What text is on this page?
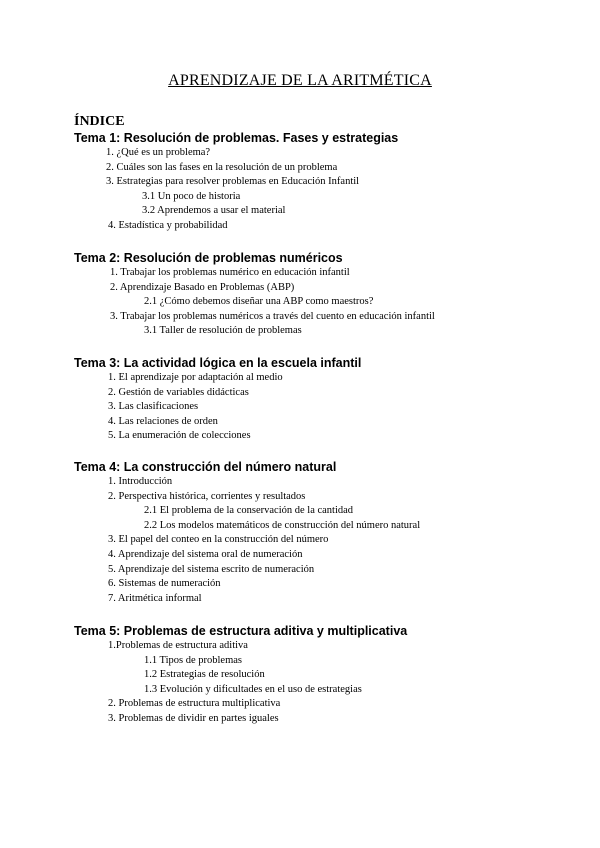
APRENDIZAJE DE LA ARITMÉTICA
ÍNDICE
Tema 1: Resolución de problemas. Fases y estrategias
1. ¿Qué es un problema?
2. Cuáles son las fases en la resolución de un problema
3. Estrategias para resolver problemas en Educación Infantil
3.1 Un poco de historia
3.2 Aprendemos a usar el material
4. Estadística y probabilidad
Tema 2: Resolución de problemas numéricos
1. Trabajar los problemas numérico en educación infantil
2. Aprendizaje Basado en Problemas (ABP)
2.1 ¿Cómo debemos diseñar una ABP como maestros?
3. Trabajar los problemas numéricos a través del cuento en educación infantil
3.1 Taller de resolución de problemas
Tema 3: La actividad lógica en la escuela infantil
1. El aprendizaje por adaptación al medio
2. Gestión de variables didácticas
3. Las clasificaciones
4. Las relaciones de orden
5. La enumeración de colecciones
Tema 4: La construcción del número natural
1. Introducción
2. Perspectiva histórica, corrientes y resultados
2.1 El problema de la conservación de la cantidad
2.2 Los modelos matemáticos de construcción del número natural
3. El papel del conteo en la construcción del número
4. Aprendizaje del sistema oral de numeración
5. Aprendizaje del sistema escrito de numeración
6. Sistemas de numeración
7. Aritmética informal
Tema 5: Problemas de estructura aditiva y multiplicativa
1.Problemas de estructura aditiva
1.1 Tipos de problemas
1.2 Estrategias de resolución
1.3 Evolución y dificultades en el uso de estrategias
2. Problemas de estructura multiplicativa
3. Problemas de dividir en partes iguales
